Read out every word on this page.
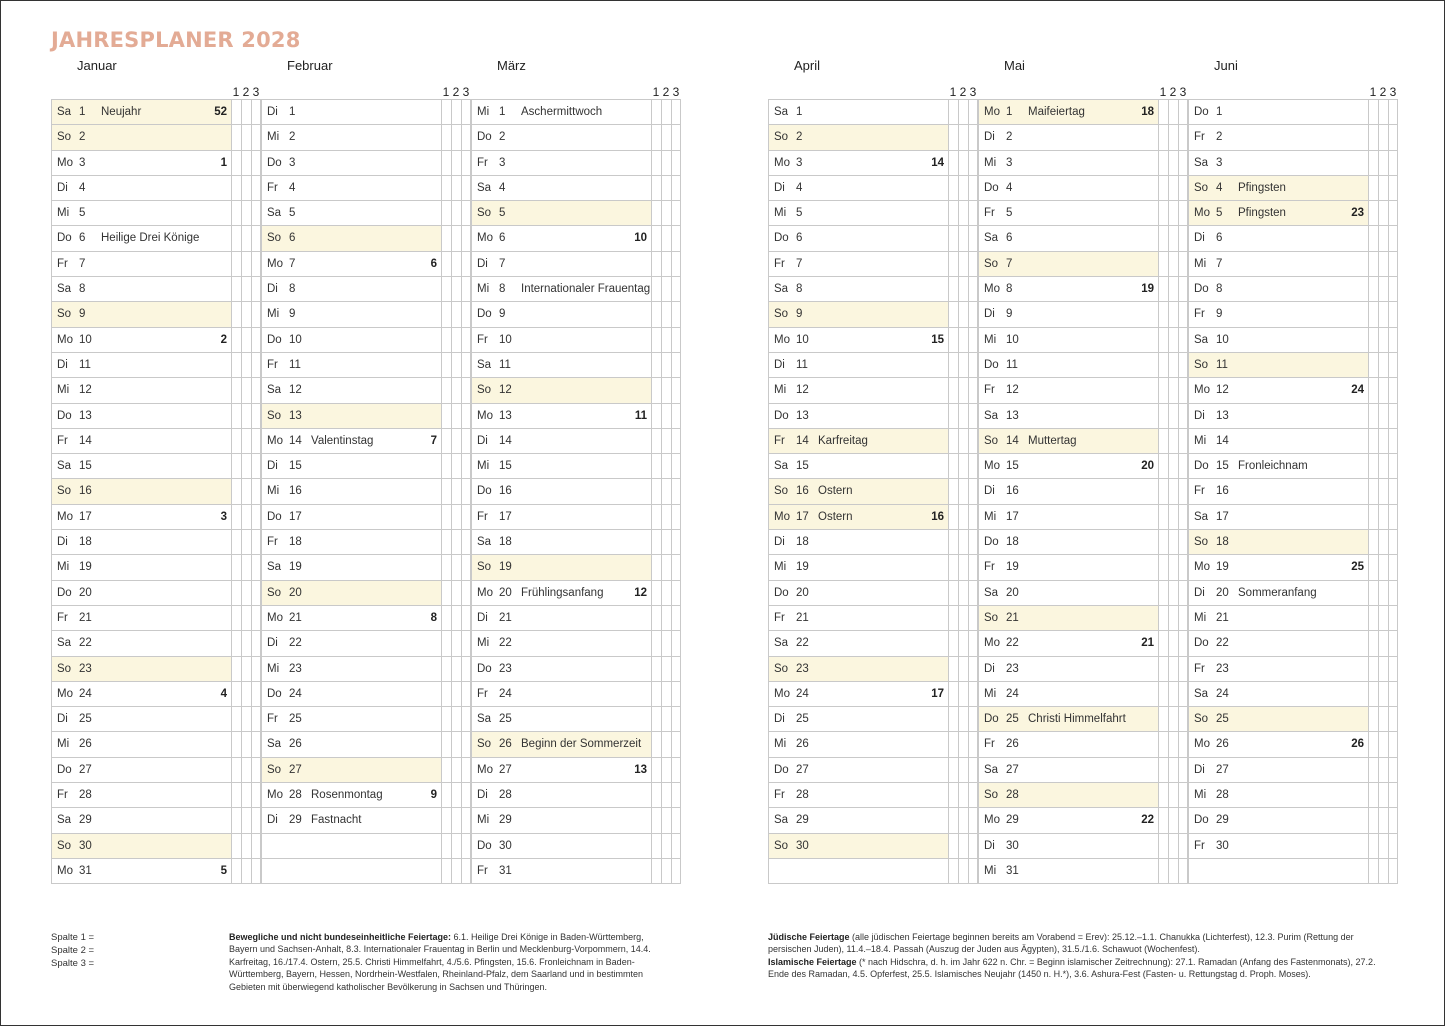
JAHRESPLANER 2028
Januar
1 2 3
Sa 1 Neujahr	52
So 2
Mo 3	1
Di 4
Mi 5
Do 6 Heilige Drei Könige
Fr 7
Sa 8
So 9
Mo 10	2
Di 11
Mi 12
Do 13
Fr 14
Sa 15
So 16
Mo 17	3
Di 18
Mi 19
Do 20
Fr 21
Sa 22
So 23
Mo 24	4
Di 25
Mi 26
Do 27
Fr 28
Sa 29
So 30
Mo 31	5
Februar
1 2 3
Di 1
Mi 2
Do 3
Fr 4
Sa 5
So 6
Mo 7	6
Di 8
Mi 9
Do 10
Fr 11
Sa 12
So 13
Mo 14 Valentinstag	7
Di 15
Mi 16
Do 17
Fr 18
Sa 19
So 20
Mo 21	8
Di 22
Mi 23
Do 24
Fr 25
Sa 26
So 27
Mo 28 Rosenmontag	9
Di 29 Fastnacht
März
1 2 3
Mi 1 Aschermittwoch
Do 2
Fr 3
Sa 4
So 5
Mo 6	10
Di 7
Mi 8 Internationaler Frauentag
Do 9
Fr 10
Sa 11
So 12
Mo 13	11
Di 14
Mi 15
Do 16
Fr 17
Sa 18
So 19
Mo 20 Frühlingsanfang	12
Di 21
Mi 22
Do 23
Fr 24
Sa 25
So 26 Beginn der Sommerzeit
Mo 27	13
Di 28
Mi 29
Do 30
Fr 31
April
1 2 3
Sa 1
So 2
Mo 3	14
Di 4
Mi 5
Do 6
Fr 7
Sa 8
So 9
Mo 10	15
Di 11
Mi 12
Do 13
Fr 14 Karfreitag
Sa 15
So 16 Ostern
Mo 17 Ostern	16
Di 18
Mi 19
Do 20
Fr 21
Sa 22
So 23
Mo 24	17
Di 25
Mi 26
Do 27
Fr 28
Sa 29
So 30
Mai
1 2 3
Mo 1 Maifeiertag	18
Di 2
Mi 3
Do 4
Fr 5
Sa 6
So 7
Mo 8	19
Di 9
Mi 10
Do 11
Fr 12
Sa 13
So 14 Muttertag
Mo 15	20
Di 16
Mi 17
Do 18
Fr 19
Sa 20
So 21
Mo 22	21
Di 23
Mi 24
Do 25 Christi Himmelfahrt
Fr 26
Sa 27
So 28
Mo 29	22
Di 30
Mi 31
Juni
1 2 3
Do 1
Fr 2
Sa 3
So 4 Pfingsten
Mo 5 Pfingsten	23
Di 6
Mi 7
Do 8
Fr 9
Sa 10
So 11
Mo 12	24
Di 13
Mi 14
Do 15 Fronleichnam
Fr 16
Sa 17
So 18
Mo 19	25
Di 20 Sommeranfang
Mi 21
Do 22
Fr 23
Sa 24
So 25
Mo 26	26
Di 27
Mi 28
Do 29
Fr 30
Spalte 1 =
Spalte 2 =
Spalte 3 =
Bewegliche und nicht bundeseinheitliche Feiertage: 6.1. Heilige Drei Könige in Baden-Württemberg, Bayern und Sachsen-Anhalt, 8.3. Internationaler Frauentag in Berlin und Mecklenburg-Vorpommern, 14.4. Karfreitag, 16./17.4. Ostern, 25.5. Christi Himmelfahrt, 4./5.6. Pfingsten, 15.6. Fronleichnam in Baden-Württemberg, Bayern, Hessen, Nordrhein-Westfalen, Rheinland-Pfalz, dem Saarland und in bestimmten Gebieten mit überwiegend katholischer Bevölkerung in Sachsen und Thüringen.
Jüdische Feiertage (alle jüdischen Feiertage beginnen bereits am Vorabend = Erev): 25.12.–1.1. Chanukka (Lichterfest), 12.3. Purim (Rettung der persischen Juden), 11.4.–18.4. Passah (Auszug der Juden aus Ägypten), 31.5./1.6. Schawuot (Wochenfest).
Islamische Feiertage (* nach Hidschra, d. h. im Jahr 622 n. Chr. = Beginn islamischer Zeitrechnung): 27.1. Ramadan (Anfang des Fastenmonats), 27.2. Ende des Ramadan, 4.5. Opferfest, 25.5. Islamisches Neujahr (1450 n. H.*), 3.6. Ashura-Fest (Fasten- u. Rettungstag d. Proph. Moses).
